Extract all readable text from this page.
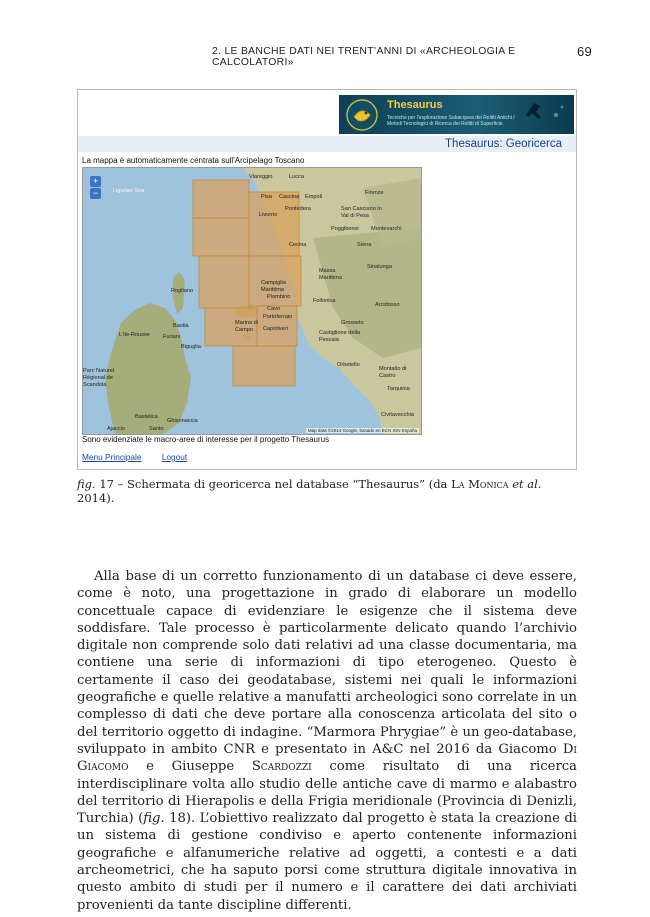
2. LE BANCHE DATI NEI TRENT’ANNI DI «ARCHEOLOGIA E CALCOLATORI»
69
Thesaurus
Tecniche per l'esplorazione Subacquea dei Relitti Antichi / Metodi Tecnologici di Ricerca dei Relitti di Superficie
Thesaurus: Georicerca
La mappa è automaticamente centrata sull'Arcipelago Toscano
+
−	Ligurian Sea
Viareggio	Lucca
Pisa Cascina Empoli
Firenze
Livorno
Pontedera	San Casciano in Val di Pesa
Poggibonsi Montevarchi
Siena
Cecina
Sinalunga
Massa Marittima
Campiglia Marittima
Piombino
Follonica
Arcidosso
Rogliano
Bastia
Portoferraio
Capoliveri
Marina di Campo
Cavo
Grosseto
Castiglione della Pescaia
L'Ile-Rousse Furiani
Biguglia
Orbetello
Montalto di Castro
Tarquinia
Parc Naturel Régional de Scandola
Civitavecchia
Bastelica
Ghisonaccia
Ajaccio	Santo	Map data ©2014 Google, basado en BCN IGN España
Sono evidenziate le macro-aree di interesse per il progetto Thesaurus
Menu Principale Logout
fig. 17 – Schermata di georicerca nel database “Thesaurus” (da La Monica et al. 2014).

Alla base di un corretto funzionamento di un database ci deve essere, come è noto, una progettazione in grado di elaborare un modello concettuale capace di evidenziare le esigenze che il sistema deve soddisfare. Tale processo è particolarmente delicato quando l’archivio digitale non comprende solo dati relativi ad una classe documentaria, ma contiene una serie di informazioni di tipo eterogeneo. Questo è certamente il caso dei geodatabase, sistemi nei quali le informazioni geografiche e quelle relative a manufatti archeologici sono correlate in un complesso di dati che deve portare alla conoscenza articolata del sito o del territorio oggetto di indagine. “Marmora Phrygiae” è un geo-database, sviluppato in ambito CNR e presentato in A&C nel 2016 da Giacomo Di Giacomo e Giuseppe Scardozzi come risultato di una ricerca interdisciplinare volta allo studio delle antiche cave di marmo e alabastro del territorio di Hierapolis e della Frigia meridionale (Provincia di Denizli, Turchia) (fig. 18). L’obiettivo realizzato dal progetto è stata la creazione di un sistema di gestione condiviso e aperto contenente informazioni geografiche e alfanumeriche relative ad oggetti, a contesti e a dati archeometrici, che ha saputo porsi come struttura digitale innovativa in questo ambito di studi per il numero e il carattere dei dati archiviati provenienti da tante discipline differenti.
